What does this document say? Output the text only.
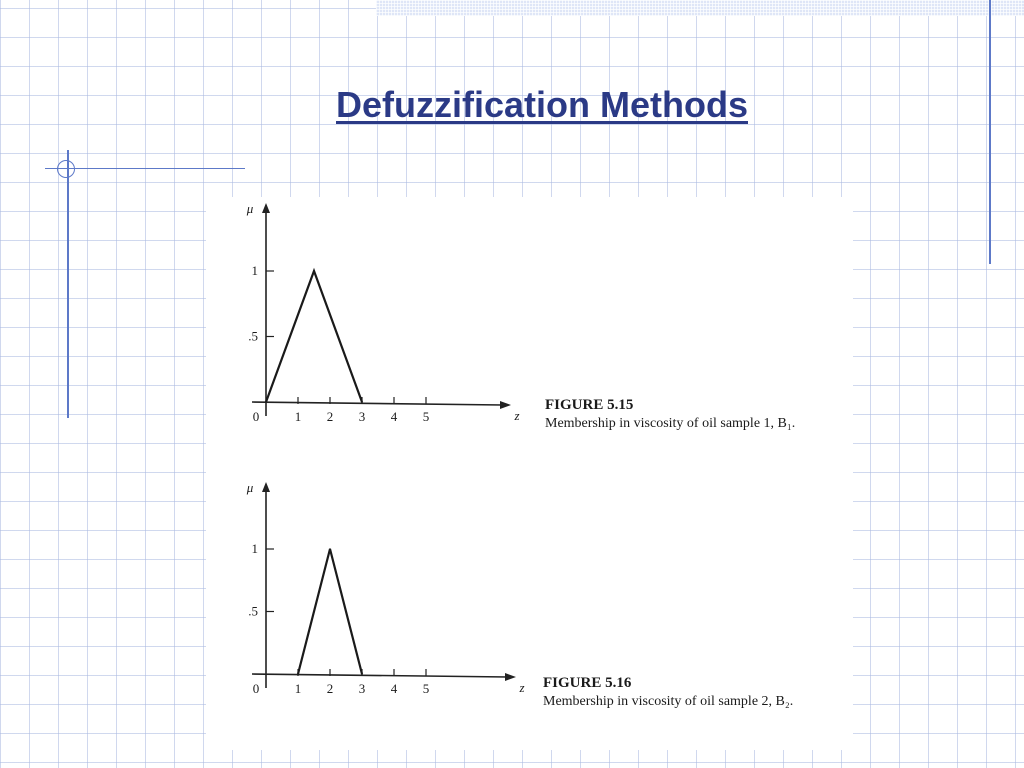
Defuzzification Methods
μ
z
0	1 2 3 4 5
.5
1
FIGURE 5.15
Membership in viscosity of oil sample 1, B₁.
μ
z
0	1 2 3 4 5
.5
1
FIGURE 5.16
Membership in viscosity of oil sample 2, B₂.
